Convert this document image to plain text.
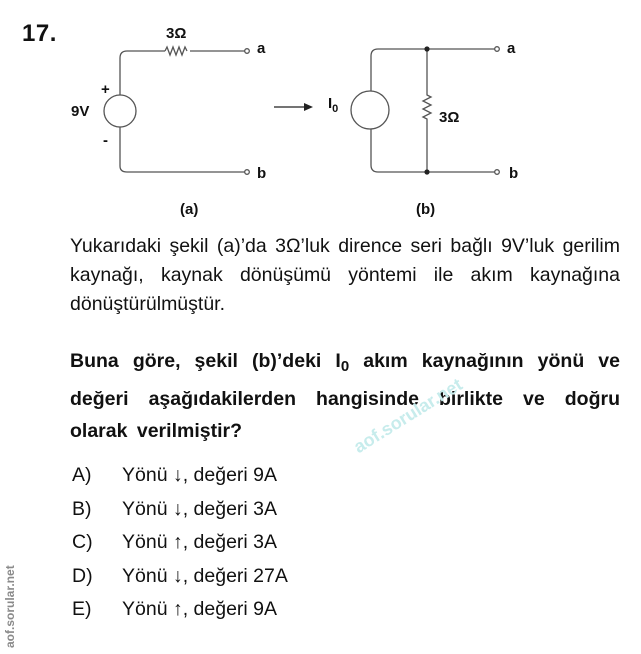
17.	3Ω
a
b
+
-
9V
(a)
$I_0$	3Ω
a
b
(b)
Yukarıdaki şekil (a)’da 3Ω’luk dirence seri bağlı 9V’luk gerilim kaynağı, kaynak dönüşümü yöntemi ile akım kaynağına dönüştürülmüştür.
Buna göre, şekil (b)’deki $I_0$ akım kaynağının yönü ve değeri aşağıdakilerden hangisinde birlikte ve doğru olarak verilmiştir?
A)	Yönü ↓, değeri 9A
B)	Yönü ↓, değeri 3A
C)	Yönü ↑, değeri 3A
D)	Yönü ↓, değeri 27A
E)	Yönü ↑, değeri 9A
aof.sorular.net
aof.sorular.net
